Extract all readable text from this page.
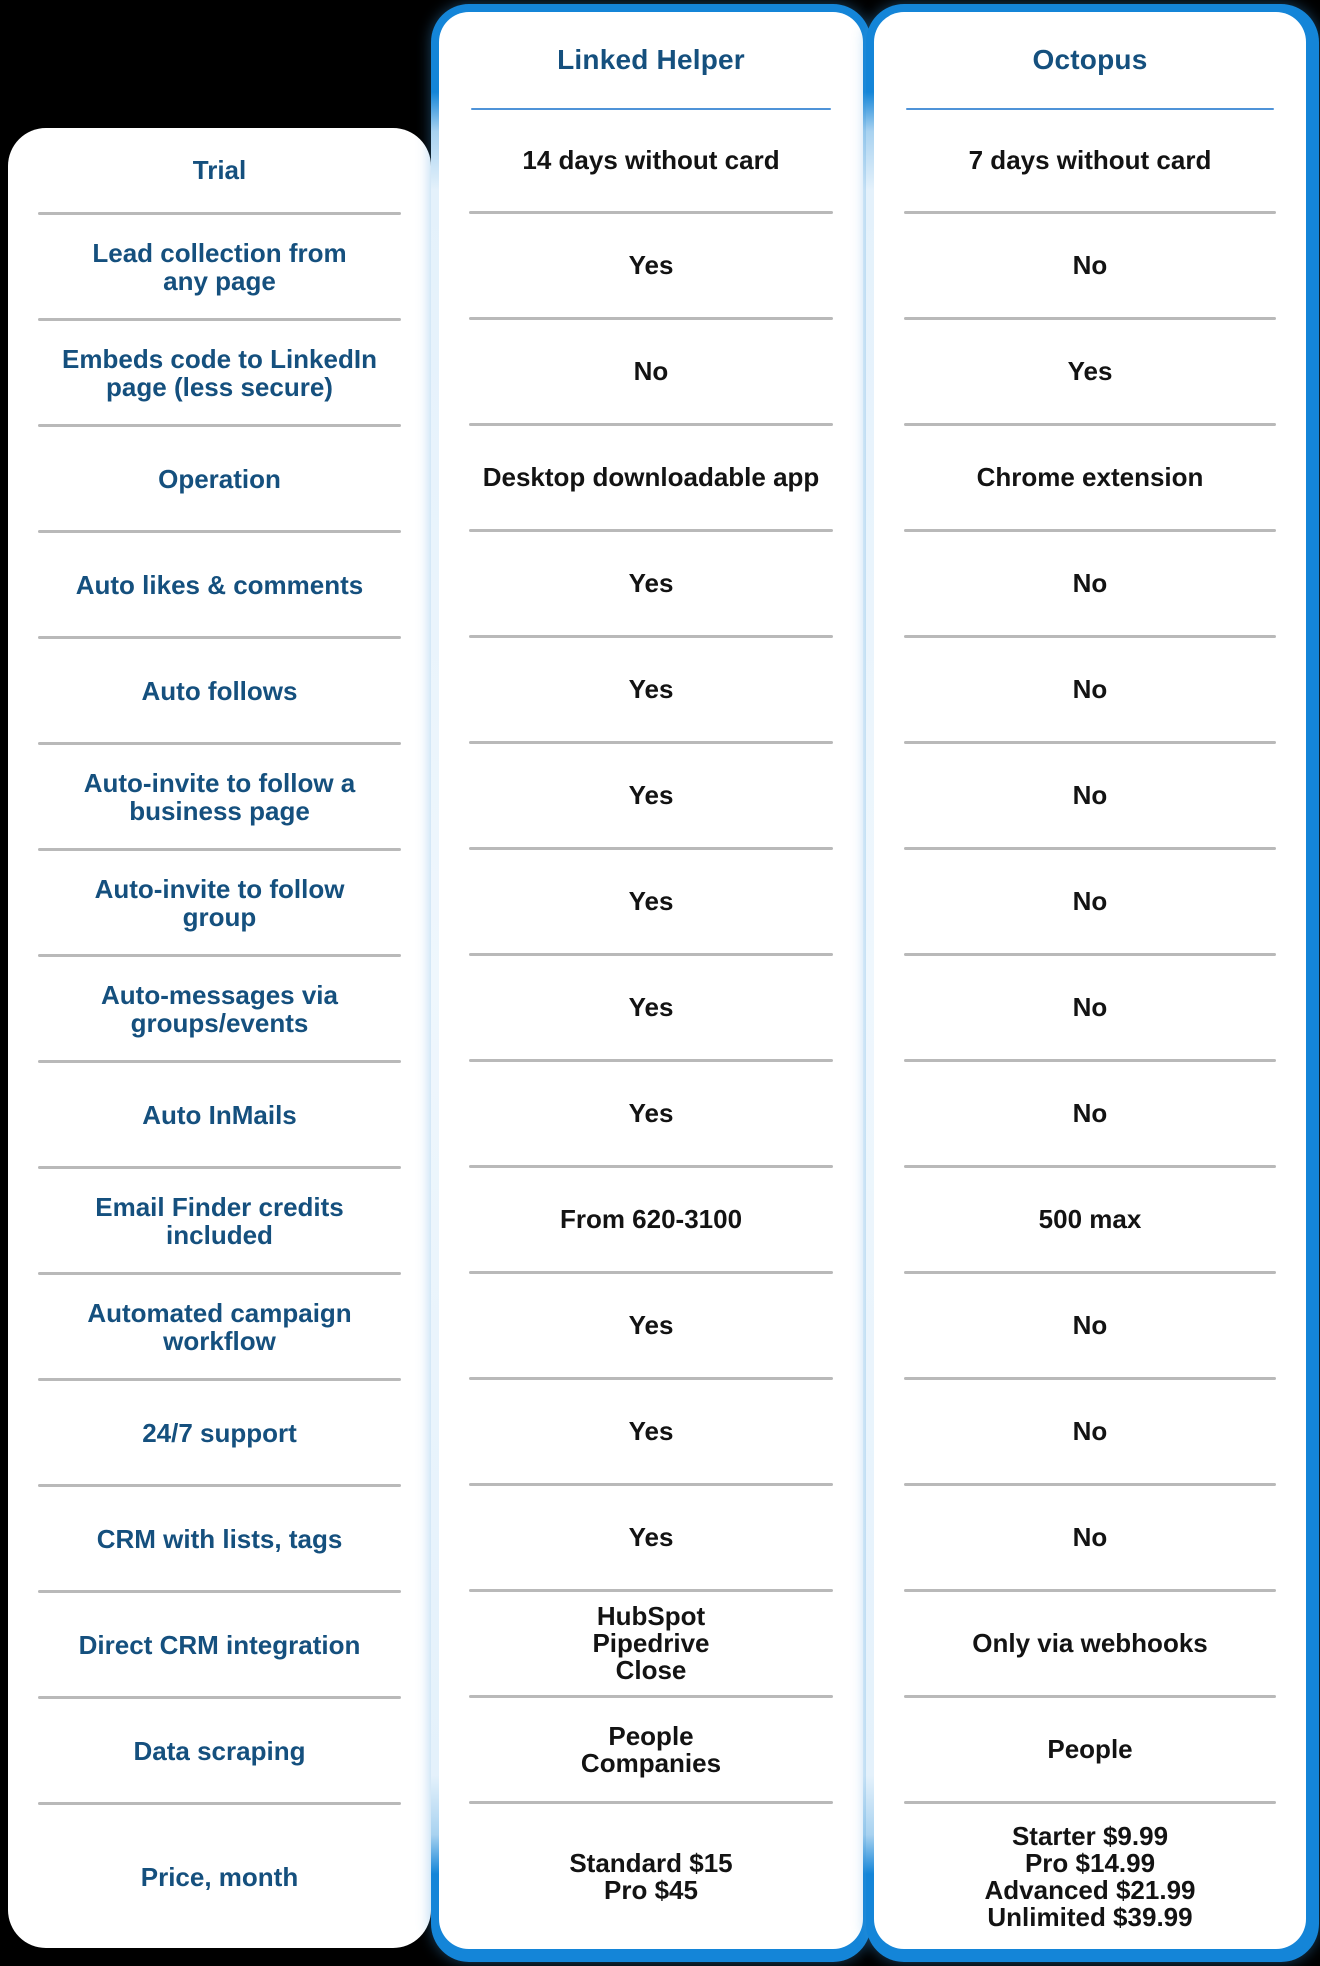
Trial
Lead collection from
any page
Embeds code to LinkedIn
page (less secure)
Operation
Auto likes & comments
Auto follows
Auto-invite to follow a
business page
Auto-invite to follow
group
Auto-messages via
groups/events
Auto InMails
Email Finder credits
included
Automated campaign
workflow
24/7 support
CRM with lists, tags
Direct CRM integration
Data scraping
Price, month
Linked Helper
14 days without card
Yes
No
Desktop downloadable app
Yes
Yes
Yes
Yes
Yes
Yes
From 620-3100
Yes
Yes
Yes
HubSpot
Pipedrive
Close
People
Companies
Standard $15
Pro $45
Octopus
7 days without card
No
Yes
Chrome extension
No
No
No
No
No
No
500 max
No
No
No
Only via webhooks
People
Starter $9.99
Pro $14.99
Advanced $21.99
Unlimited $39.99
